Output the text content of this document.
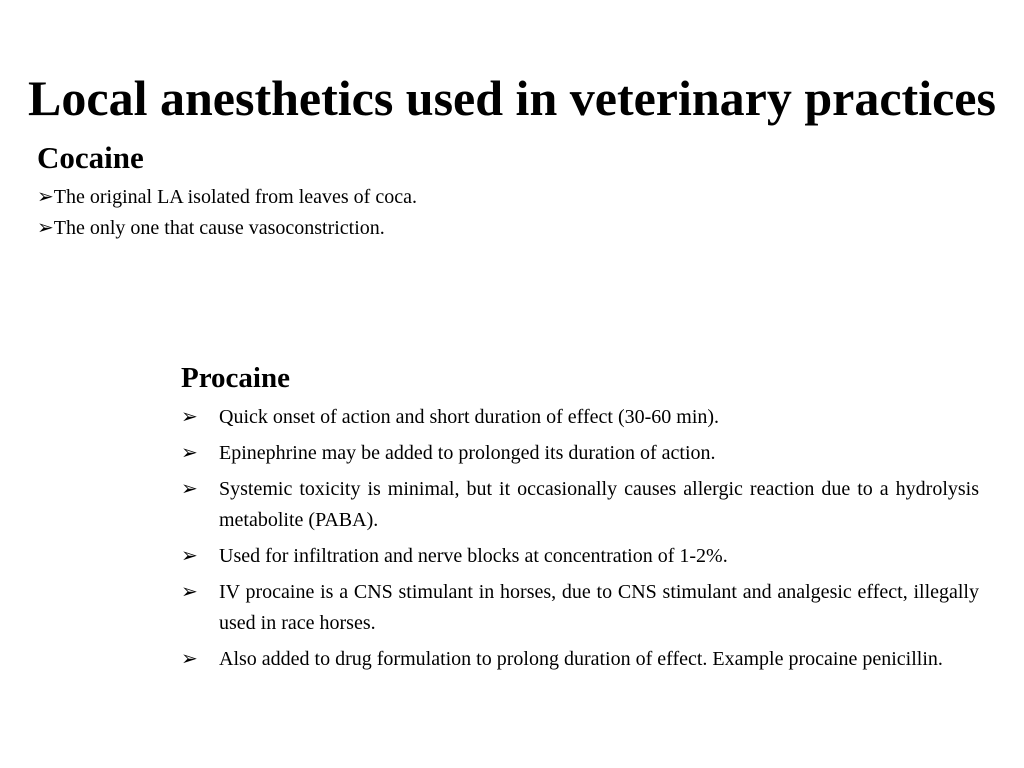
Local anesthetics used in veterinary practices
Cocaine
➢The original LA isolated from leaves of coca.
➢The only one that cause vasoconstriction.
Procaine
➢	Quick onset of action and short duration of effect (30-60 min).
➢	Epinephrine may be added to prolonged its duration of action.
➢	Systemic toxicity is minimal, but it occasionally causes allergic reaction due to a hydrolysis metabolite (PABA).
➢	Used for infiltration and nerve blocks at concentration of 1-2%.
➢	IV procaine is a CNS stimulant in horses, due to CNS stimulant and analgesic effect, illegally used in race horses.
➢	Also added to drug formulation to prolong duration of effect. Example procaine penicillin.
